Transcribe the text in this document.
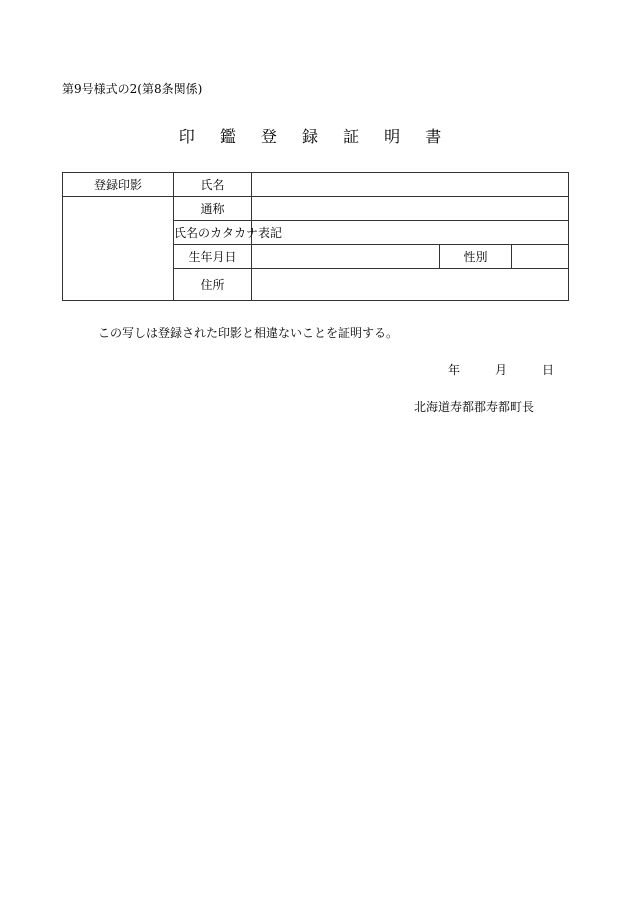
第9号様式の2(第8条関係)
印 鑑 登 録 証 明 書
登録印影	氏名			
	通称			
	氏名のカタカナ表記			
	生年月日		性別	
	住所			
この写しは登録された印影と相違ないことを証明する。
年	月	日
北海道寿都郡寿都町長
